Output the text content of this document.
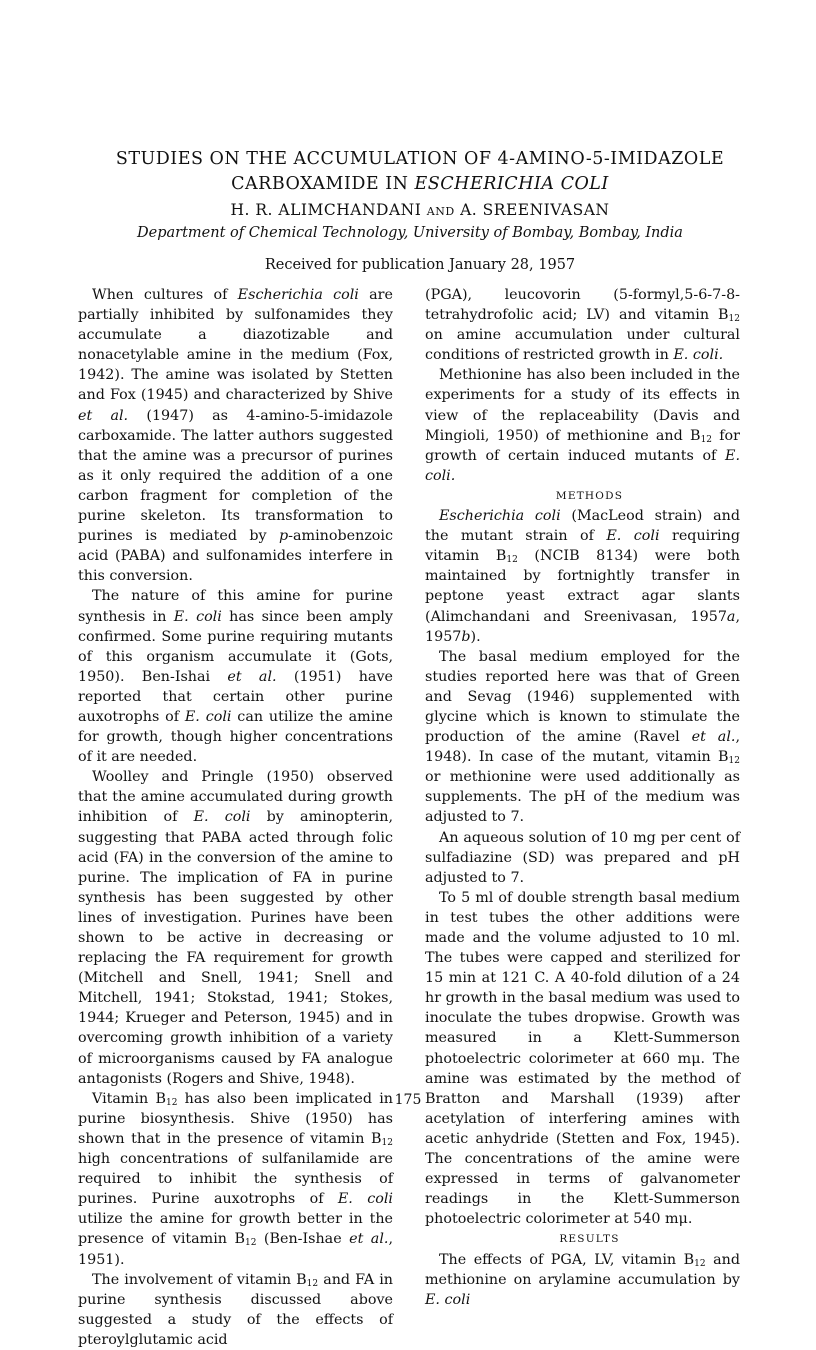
STUDIES ON THE ACCUMULATION OF 4-AMINO-5-IMIDAZOLE
CARBOXAMIDE IN ESCHERICHIA COLI
H. R. ALIMCHANDANI AND A. SREENIVASAN
Department of Chemical Technology, University of Bombay, Bombay, India
Received for publication January 28, 1957

When cultures of Escherichia coli are partially inhibited by sulfonamides they accumulate a diazotizable and nonacetylable amine in the medium (Fox, 1942). The amine was isolated by Stetten and Fox (1945) and characterized by Shive et al. (1947) as 4-amino-5-imidazole carboxamide. The latter authors suggested that the amine was a precursor of purines as it only required the addition of a one carbon fragment for completion of the purine skeleton. Its transformation to purines is mediated by p-aminobenzoic acid (PABA) and sulfonamides interfere in this conversion.

The nature of this amine for purine synthesis in E. coli has since been amply confirmed. Some purine requiring mutants of this organism accumulate it (Gots, 1950). Ben-Ishai et al. (1951) have reported that certain other purine auxotrophs of E. coli can utilize the amine for growth, though higher concentrations of it are needed.

Woolley and Pringle (1950) observed that the amine accumulated during growth inhibition of E. coli by aminopterin, suggesting that PABA acted through folic acid (FA) in the conversion of the amine to purine. The implication of FA in purine synthesis has been suggested by other lines of investigation. Purines have been shown to be active in decreasing or replacing the FA requirement for growth (Mitchell and Snell, 1941; Snell and Mitchell, 1941; Stokstad, 1941; Stokes, 1944; Krueger and Peterson, 1945) and in overcoming growth inhibition of a variety of microorganisms caused by FA analogue antagonists (Rogers and Shive, 1948).

Vitamin $B_{12}$ has also been implicated in purine biosynthesis. Shive (1950) has shown that in the presence of vitamin $B_{12}$ high concentrations of sulfanilamide are required to inhibit the synthesis of purines. Purine auxotrophs of E. coli utilize the amine for growth better in the presence of vitamin $B_{12}$ (Ben-Ishae et al., 1951).

The involvement of vitamin $B_{12}$ and FA in purine synthesis discussed above suggested a study of the effects of pteroylglutamic acid

(PGA), leucovorin (5-formyl,5-6-7-8-tetrahydrofolic acid; LV) and vitamin $B_{12}$ on amine accumulation under cultural conditions of restricted growth in E. coli.

Methionine has also been included in the experiments for a study of its effects in view of the replaceability (Davis and Mingioli, 1950) of methionine and $B_{12}$ for growth of certain induced mutants of E. coli.

METHODS

Escherichia coli (MacLeod strain) and the mutant strain of E. coli requiring vitamin $B_{12}$ (NCIB 8134) were both maintained by fortnightly transfer in peptone yeast extract agar slants (Alimchandani and Sreenivasan, 1957a, 1957b).

The basal medium employed for the studies reported here was that of Green and Sevag (1946) supplemented with glycine which is known to stimulate the production of the amine (Ravel et al., 1948). In case of the mutant, vitamin $B_{12}$ or methionine were used additionally as supplements. The pH of the medium was adjusted to 7.

An aqueous solution of 10 mg per cent of sulfadiazine (SD) was prepared and pH adjusted to 7.

To 5 ml of double strength basal medium in test tubes the other additions were made and the volume adjusted to 10 ml. The tubes were capped and sterilized for 15 min at 121 C. A 40-fold dilution of a 24 hr growth in the basal medium was used to inoculate the tubes dropwise. Growth was measured in a Klett-Summerson photoelectric colorimeter at 660 mμ. The amine was estimated by the method of Bratton and Marshall (1939) after acetylation of interfering amines with acetic anhydride (Stetten and Fox, 1945). The concentrations of the amine were expressed in terms of galvanometer readings in the Klett-Summerson photoelectric colorimeter at 540 mμ.

RESULTS

The effects of PGA, LV, vitamin $B_{12}$ and methionine on arylamine accumulation by E. coli

175
